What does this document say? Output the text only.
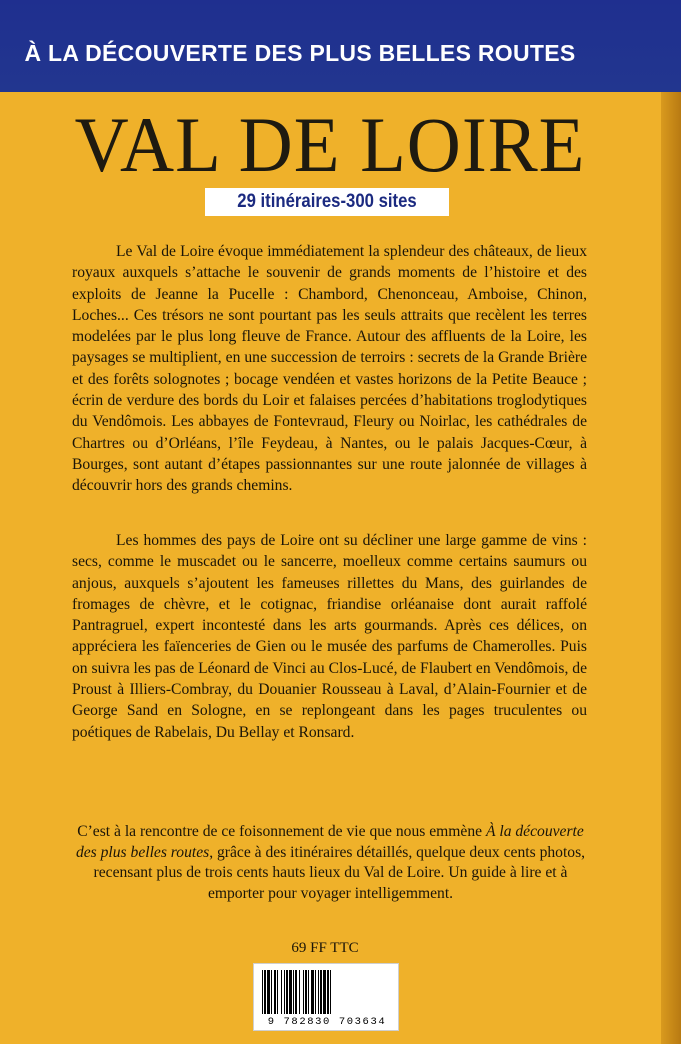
À LA DÉCOUVERTE DES PLUS BELLES ROUTES
VAL DE LOIRE
29 itinéraires-300 sites

Le Val de Loire évoque immédiatement la splendeur des châteaux, de lieux royaux auxquels s’attache le souvenir de grands moments de l’histoire et des exploits de Jeanne la Pucelle : Chambord, Chenonceau, Amboise, Chinon, Loches... Ces trésors ne sont pourtant pas les seuls attraits que recèlent les terres modelées par le plus long fleuve de France. Autour des affluents de la Loire, les paysages se multiplient, en une succession de terroirs : secrets de la Grande Brière et des forêts solognotes ; bocage vendéen et vastes horizons de la Petite Beauce ; écrin de verdure des bords du Loir et falaises percées d’habitations troglodytiques du Vendômois. Les abbayes de Fontevraud, Fleury ou Noirlac, les cathédrales de Chartres ou d’Orléans, l’île Feydeau, à Nantes, ou le palais Jacques-Cœur, à Bourges, sont autant d’étapes passionnantes sur une route jalonnée de villages à découvrir hors des grands chemins.

Les hommes des pays de Loire ont su décliner une large gamme de vins : secs, comme le muscadet ou le sancerre, moelleux comme certains saumurs ou anjous, auxquels s’ajoutent les fameuses rillettes du Mans, des guirlandes de fromages de chèvre, et le cotignac, friandise orléanaise dont aurait raffolé Pantragruel, expert incontesté dans les arts gourmands. Après ces délices, on appréciera les faïenceries de Gien ou le musée des parfums de Chamerolles. Puis on suivra les pas de Léonard de Vinci au Clos-Lucé, de Flaubert en Vendômois, de Proust à Illiers-Combray, du Douanier Rousseau à Laval, d’Alain-Fournier et de George Sand en Sologne, en se replongeant dans les pages truculentes ou poétiques de Rabelais, Du Bellay et Ronsard.

C’est à la rencontre de ce foisonnement de vie que nous emmène À la découverte des plus belles routes, grâce à des itinéraires détaillés, quelque deux cents photos, recensant plus de trois cents hauts lieux du Val de Loire. Un guide à lire et à emporter pour voyager intelligemment.

69 FF TTC
9 782830 703634
